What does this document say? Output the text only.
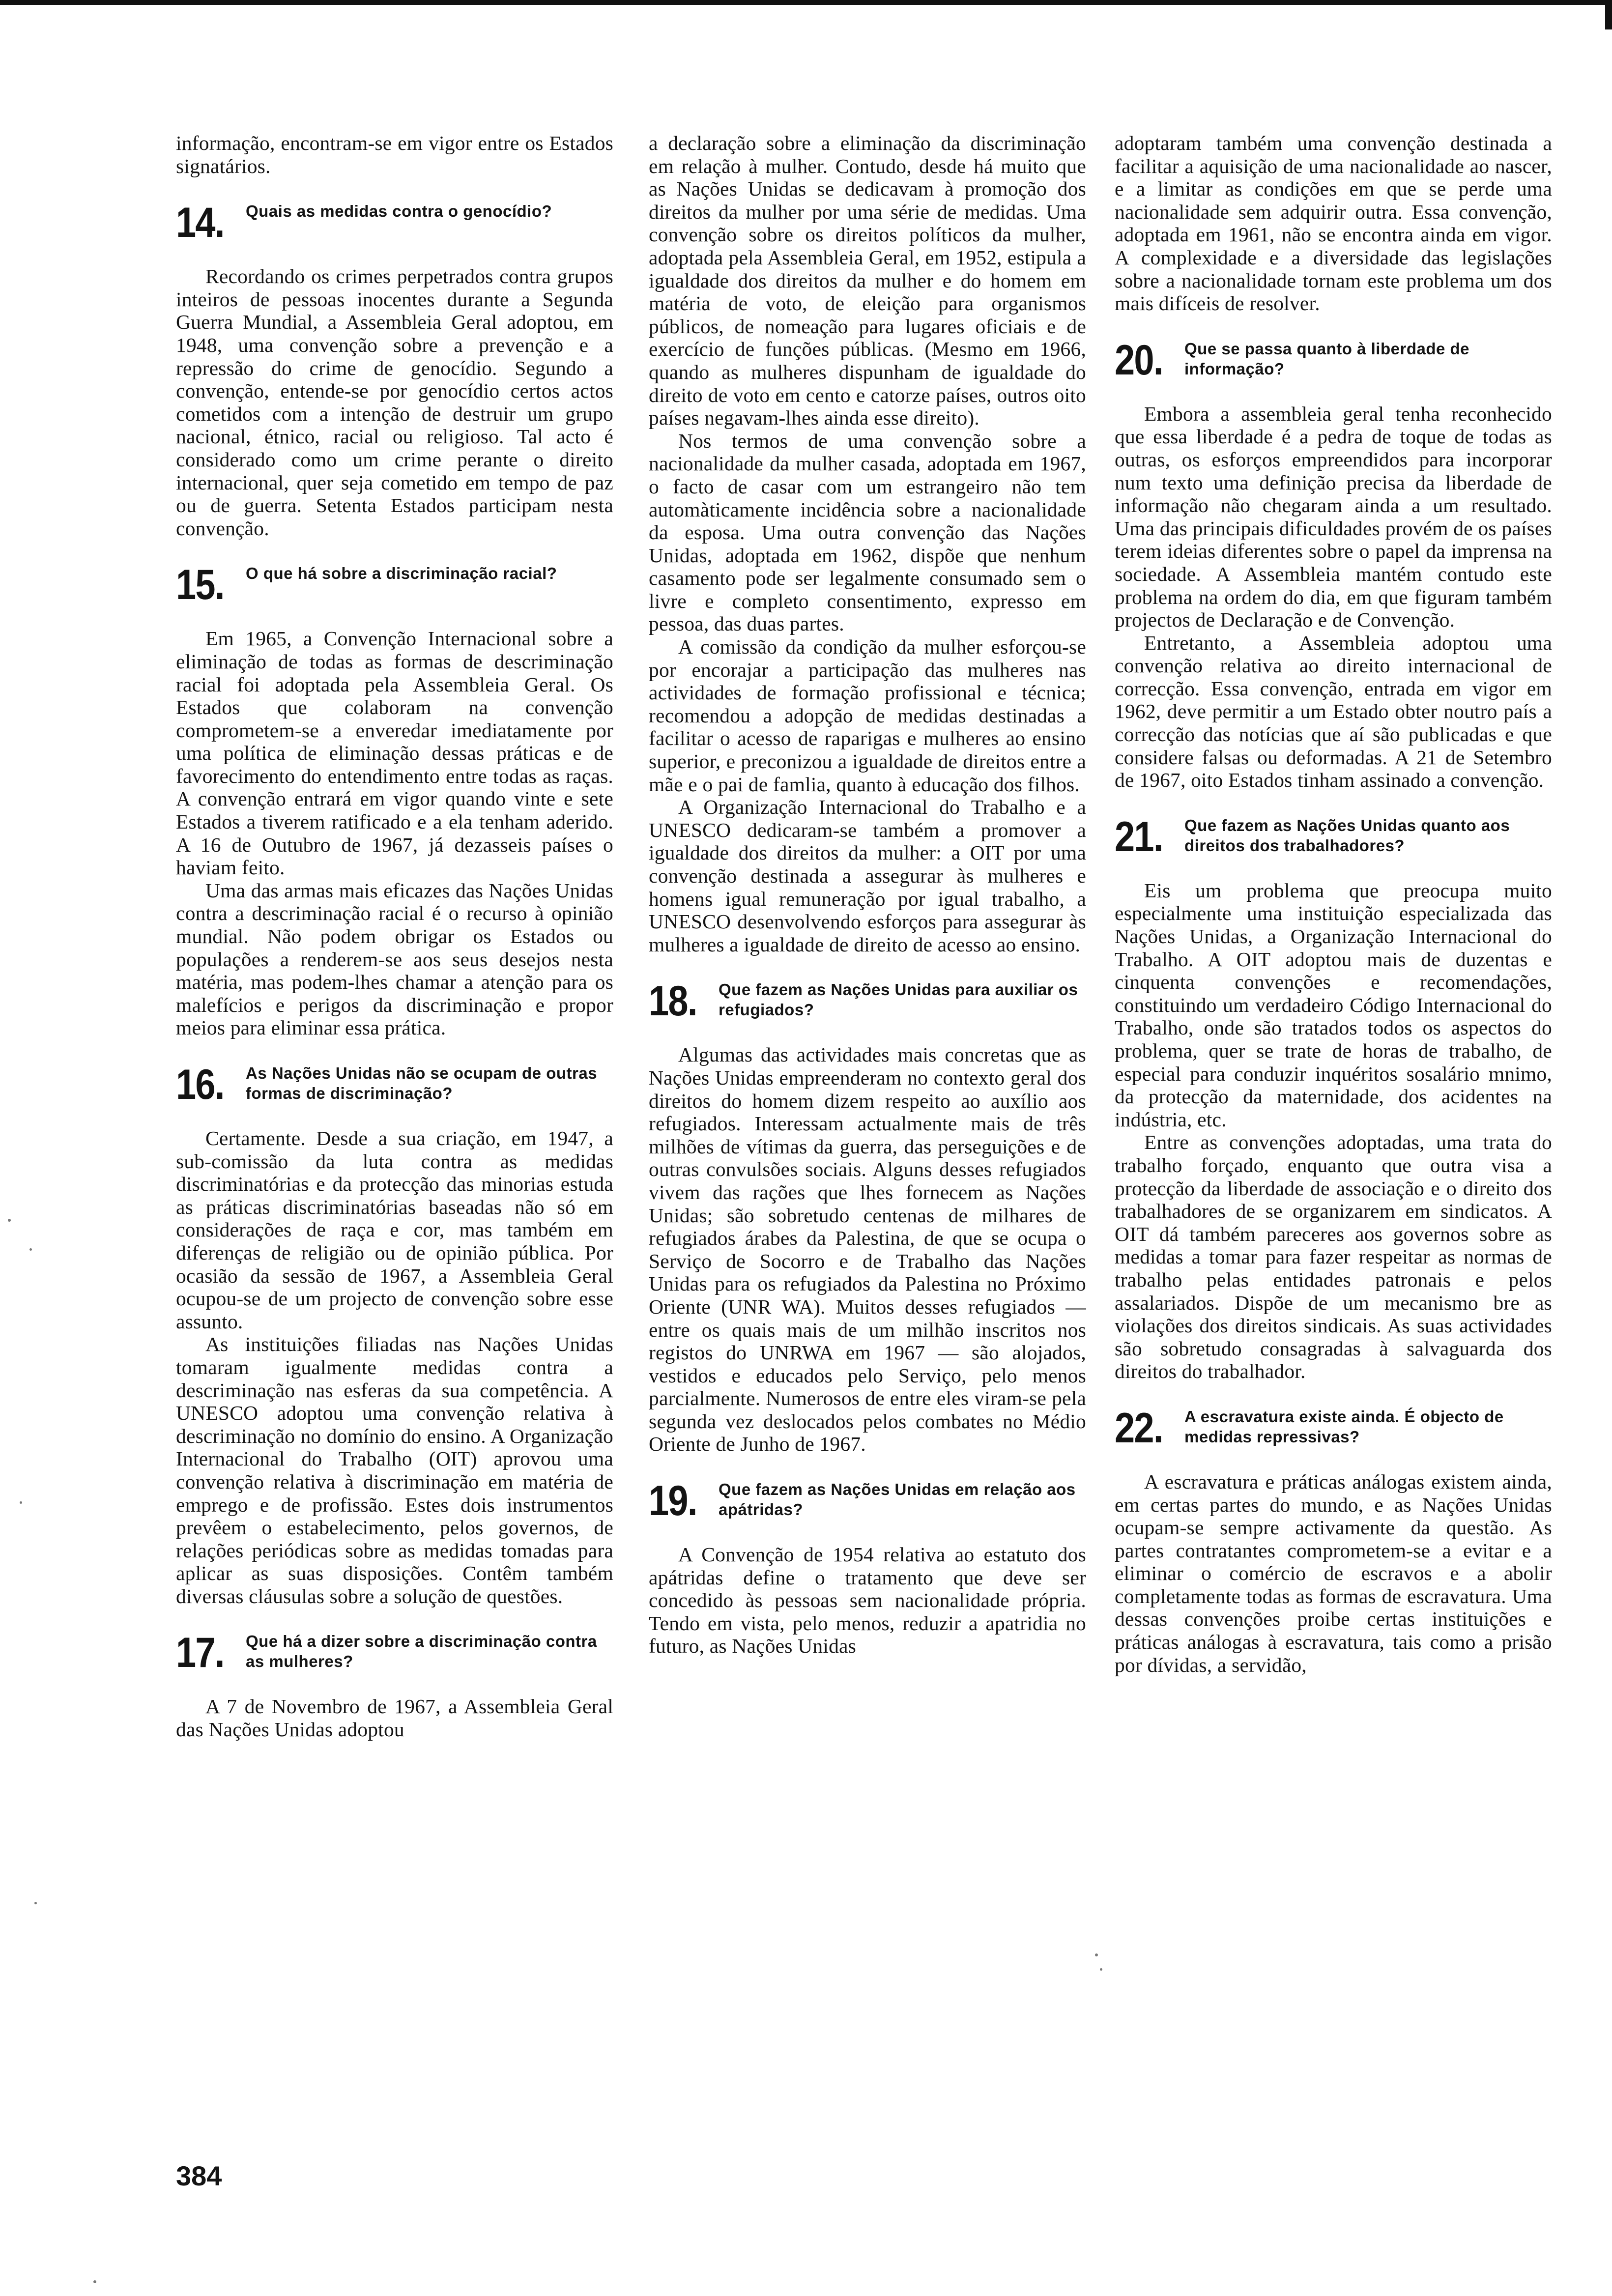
informação, encontram-se em vigor entre os Estados signatários.

14.	Quais as medidas contra o genocídio?

Recordando os crimes perpetrados contra grupos inteiros de pessoas inocentes durante a Segunda Guerra Mundial, a Assembleia Geral adoptou, em 1948, uma convenção sobre a prevenção e a repressão do crime de genocídio. Segundo a convenção, entende-se por genocídio certos actos cometidos com a intenção de destruir um grupo nacional, étnico, racial ou religioso. Tal acto é considerado como um crime perante o direito internacional, quer seja cometido em tempo de paz ou de guerra. Setenta Estados participam nesta convenção.

15.	O que há sobre a discriminação racial?

Em 1965, a Convenção Internacional sobre a eliminação de todas as formas de descriminação racial foi adoptada pela Assembleia Geral. Os Estados que colaboram na convenção comprometem-se a enveredar imediatamente por uma política de eliminação dessas práticas e de favorecimento do entendimento entre todas as raças. A convenção entrará em vigor quando vinte e sete Estados a tiverem ratificado e a ela tenham aderido. A 16 de Outubro de 1967, já dezasseis países o haviam feito.

Uma das armas mais eficazes das Nações Unidas contra a descriminação racial é o recurso à opinião mundial. Não podem obrigar os Estados ou populações a renderem-se aos seus desejos nesta matéria, mas podem-lhes chamar a atenção para os malefícios e perigos da discriminação e propor meios para eliminar essa prática.

16.	As Nações Unidas não se ocupam de outras formas de discriminação?

Certamente. Desde a sua criação, em 1947, a sub-comissão da luta contra as medidas discriminatórias e da protecção das minorias estuda as práticas discriminatórias baseadas não só em considerações de raça e cor, mas também em diferenças de religião ou de opinião pública. Por ocasião da sessão de 1967, a Assembleia Geral ocupou-se de um projecto de convenção sobre esse assunto.

As instituições filiadas nas Nações Unidas tomaram igualmente medidas contra a descriminação nas esferas da sua competência. A UNESCO adoptou uma convenção relativa à descriminação no domínio do ensino. A Organização Internacional do Trabalho (OIT) aprovou uma convenção relativa à discriminação em matéria de emprego e de profissão. Estes dois instrumentos prevêem o estabelecimento, pelos governos, de relações periódicas sobre as medidas tomadas para aplicar as suas disposições. Contêm também diversas cláusulas sobre a solução de questões.

17.	Que há a dizer sobre a discriminação contra as mulheres?

A 7 de Novembro de 1967, a Assembleia Geral das Nações Unidas adoptou

a declaração sobre a eliminação da discriminação em relação à mulher. Contudo, desde há muito que as Nações Unidas se dedicavam à promoção dos direitos da mulher por uma série de medidas. Uma convenção sobre os direitos políticos da mulher, adoptada pela Assembleia Geral, em 1952, estipula a igualdade dos direitos da mulher e do homem em matéria de voto, de eleição para organismos públicos, de nomeação para lugares oficiais e de exercício de funções públicas. (Mesmo em 1966, quando as mulheres dispunham de igualdade do direito de voto em cento e catorze países, outros oito países negavam-lhes ainda esse direito).

Nos termos de uma convenção sobre a nacionalidade da mulher casada, adoptada em 1967, o facto de casar com um estrangeiro não tem automàticamente incidência sobre a nacionalidade da esposa. Uma outra convenção das Nações Unidas, adoptada em 1962, dispõe que nenhum casamento pode ser legalmente consumado sem o livre e completo consentimento, expresso em pessoa, das duas partes.

A comissão da condição da mulher esforçou-se por encorajar a participação das mulheres nas actividades de formação profissional e técnica; recomendou a adopção de medidas destinadas a facilitar o acesso de raparigas e mulheres ao ensino superior, e preconizou a igualdade de direitos entre a mãe e o pai de famlia, quanto à educação dos filhos.

A Organização Internacional do Trabalho e a UNESCO dedicaram-se também a promover a igualdade dos direitos da mulher: a OIT por uma convenção destinada a assegurar às mulheres e homens igual remuneração por igual trabalho, a UNESCO desenvolvendo esforços para assegurar às mulheres a igualdade de direito de acesso ao ensino.

18.	Que fazem as Nações Unidas para auxiliar os refugiados?

Algumas das actividades mais concretas que as Nações Unidas empreenderam no contexto geral dos direitos do homem dizem respeito ao auxílio aos refugiados. Interessam actualmente mais de três milhões de vítimas da guerra, das perseguições e de outras convulsões sociais. Alguns desses refugiados vivem das rações que lhes fornecem as Nações Unidas; são sobretudo centenas de milhares de refugiados árabes da Palestina, de que se ocupa o Serviço de Socorro e de Trabalho das Nações Unidas para os refugiados da Palestina no Próximo Oriente (UNR WA). Muitos desses refugiados — entre os quais mais de um milhão inscritos nos registos do UNRWA em 1967 — são alojados, vestidos e educados pelo Serviço, pelo menos parcialmente. Numerosos de entre eles viram-se pela segunda vez deslocados pelos combates no Médio Oriente de Junho de 1967.

19.	Que fazem as Nações Unidas em relação aos apátridas?

A Convenção de 1954 relativa ao estatuto dos apátridas define o tratamento que deve ser concedido às pessoas sem nacionalidade própria. Tendo em vista, pelo menos, reduzir a apatridia no futuro, as Nações Unidas

adoptaram também uma convenção destinada a facilitar a aquisição de uma nacionalidade ao nascer, e a limitar as condições em que se perde uma nacionalidade sem adquirir outra. Essa convenção, adoptada em 1961, não se encontra ainda em vigor. A complexidade e a diversidade das legislações sobre a nacionalidade tornam este problema um dos mais difíceis de resolver.

20.	Que se passa quanto à liberdade de informação?

Embora a assembleia geral tenha reconhecido que essa liberdade é a pedra de toque de todas as outras, os esforços empreendidos para incorporar num texto uma definição precisa da liberdade de informação não chegaram ainda a um resultado. Uma das principais dificuldades provém de os países terem ideias diferentes sobre o papel da imprensa na sociedade. A Assembleia mantém contudo este problema na ordem do dia, em que figuram também projectos de Declaração e de Convenção.

Entretanto, a Assembleia adoptou uma convenção relativa ao direito internacional de correcção. Essa convenção, entrada em vigor em 1962, deve permitir a um Estado obter noutro país a correcção das notícias que aí são publicadas e que considere falsas ou deformadas. A 21 de Setembro de 1967, oito Estados tinham assinado a convenção.

21.	Que fazem as Nações Unidas quanto aos direitos dos trabalhadores?

Eis um problema que preocupa muito especialmente uma instituição especializada das Nações Unidas, a Organização Internacional do Trabalho. A OIT adoptou mais de duzentas e cinquenta convenções e recomendações, constituindo um verdadeiro Código Internacional do Trabalho, onde são tratados todos os aspectos do problema, quer se trate de horas de trabalho, de especial para conduzir inquéritos sosalário mnimo, da protecção da maternidade, dos acidentes na indústria, etc.

Entre as convenções adoptadas, uma trata do trabalho forçado, enquanto que outra visa a protecção da liberdade de associação e o direito dos trabalhadores de se organizarem em sindicatos. A OIT dá também pareceres aos governos sobre as medidas a tomar para fazer respeitar as normas de trabalho pelas entidades patronais e pelos assalariados. Dispõe de um mecanismo bre as violações dos direitos sindicais. As suas actividades são sobretudo consagradas à salvaguarda dos direitos do trabalhador.

22.	A escravatura existe ainda. É objecto de medidas repressivas?

A escravatura e práticas análogas existem ainda, em certas partes do mundo, e as Nações Unidas ocupam-se sempre activamente da questão. As partes contratantes comprometem-se a evitar e a eliminar o comércio de escravos e a abolir completamente todas as formas de escravatura. Uma dessas convenções proibe certas instituições e práticas análogas à escravatura, tais como a prisão por dívidas, a servidão,

384
